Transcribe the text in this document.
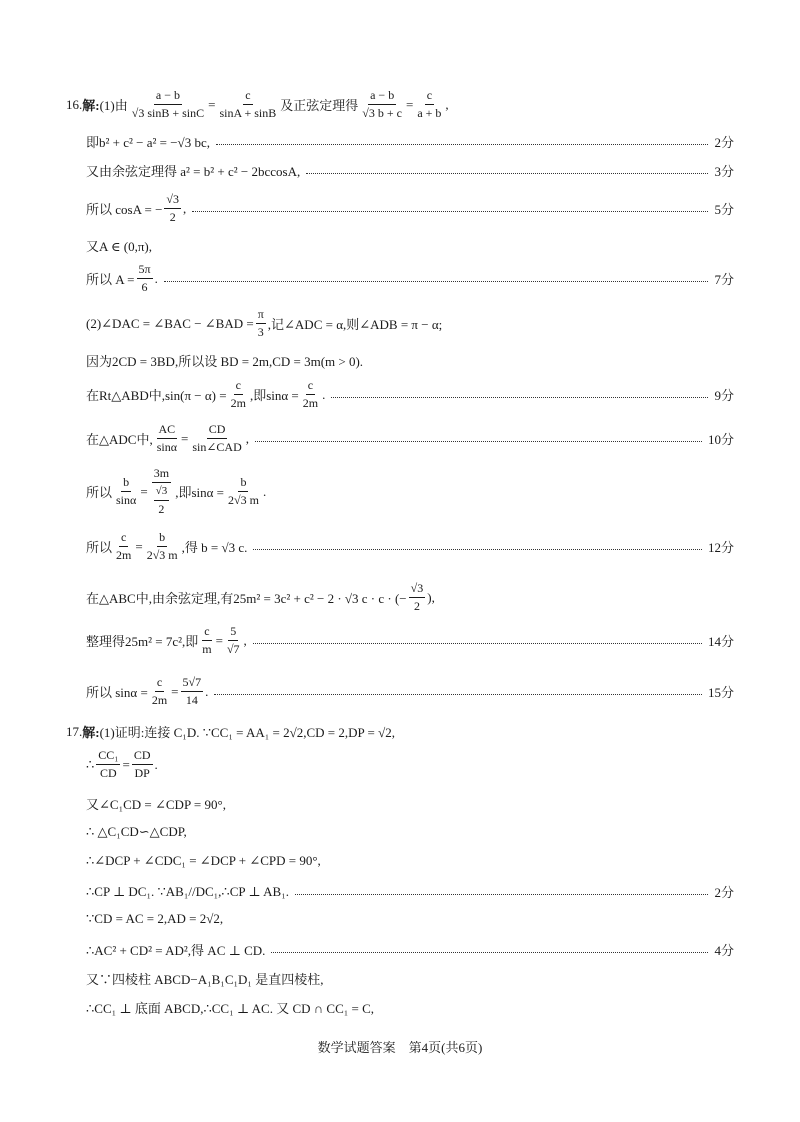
16. 解: (1)由 $\frac{a - b}{√3 \sin B + \sin C} = \frac{c}{\sin A + \sin B}$ 及正弦定理得 $\frac{a - b}{√3 b + c} = \frac{c}{a + b}$ ,
即b² + c² − a² = −√3 bc,	2分
又由余弦定理得 a² = b² + c² − 2bccosA,	3分
所以 cosA = − $\frac{√3}{2}$ ,	5分
又A ∈ (0,π),
所以 $A = \frac{5\pi}{6}$ .	7分
(2)∠DAC = ∠BAC − ∠BAD = $\frac{\pi}{3}$ ,记∠ADC = α,则∠ADB = π − α;
因为2CD = 3BD,所以设 BD = 2m,CD = 3m(m > 0).
在Rt△ABD中$,\sin(\pi - \alpha) = \frac{c}{2m}$ ,即$\sin\alpha = \frac{c}{2m}$ .	9分
在△ADC中, $\frac{AC}{\sin\alpha} = \frac{CD}{\text{sin∠CAD}}$ ,	10分
所以 $\frac{b}{\sin\alpha} = \frac{3m}{\frac{√3}{2}}$ ,即$\sin\alpha = \frac{b}{2√3 m}$ .
所以 $\frac{c}{2m} = \frac{b}{2√3 m}$ ,得 b = √3 c.	12分
在△ABC中,由余弦定理,有25m² = 3c² + c² − 2 · √3 c · c · (− $\frac{√3}{2}$ ),
整理得25m² = 7c²,即 $\frac{c}{m} = \frac{5}{√7}$ ,	14分
所以 $\sin\alpha = \frac{c}{2m} = \frac{5√7}{14}$ .	15分
17. 解: (1)证明:连接 C₁D. ∵CC₁ = AA₁ = 2√2,CD = 2,DP = √2,
∴ $\frac{\text{CC₁}}{CD} = \frac{CD}{DP}$ .
又∠C₁CD = ∠CDP = 90°,
∴ △C₁CD∽△CDP,
∴∠DCP + ∠CDC₁ = ∠DCP + ∠CPD = 90°,
∴CP ⊥ DC₁. ∵AB₁//DC₁,∴CP ⊥ AB₁.	2分
∵CD = AC = 2,AD = 2√2,
∴AC² + CD² = AD²,得 AC ⊥ CD.	4分
又∵四棱柱 ABCD−A₁B₁C₁D₁ 是直四棱柱,
∴CC₁ ⊥ 底面 ABCD,∴CC₁ ⊥ AC. 又 CD ∩ CC₁ = C,
数学试题答案　第4页(共6页)
